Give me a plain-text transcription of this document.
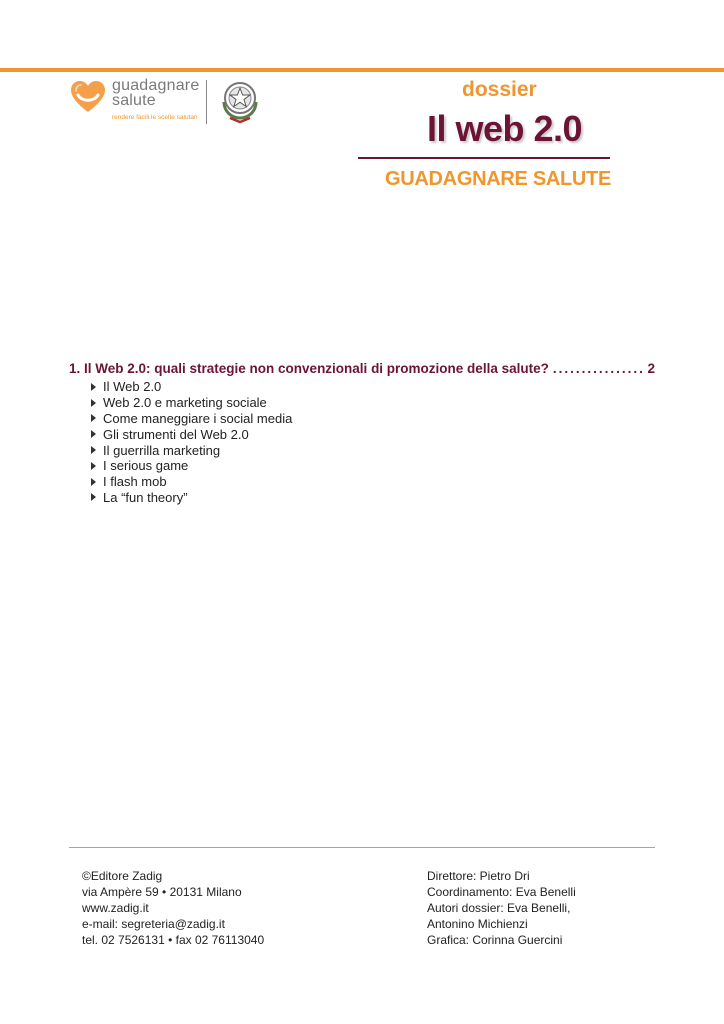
guadagnare
salute
rendere facili le scelte salutari
dossier
Il web 2.0
GUADAGNARE SALUTE
1. Il Web 2.0: quali strategie non convenzionali di promozione della salute?
.....	2
Il Web 2.0
Web 2.0 e marketing sociale
Come maneggiare i social media
Gli strumenti del Web 2.0
Il guerrilla marketing
I serious game
I flash mob
La “fun theory”
©Editore Zadig
via Ampère 59 • 20131 Milano
www.zadig.it
e-mail: segreteria@zadig.it
tel. 02 7526131 • fax 02 76113040
Direttore: Pietro Dri
Coordinamento: Eva Benelli
Autori dossier: Eva Benelli,
Antonino Michienzi
Grafica: Corinna Guercini
